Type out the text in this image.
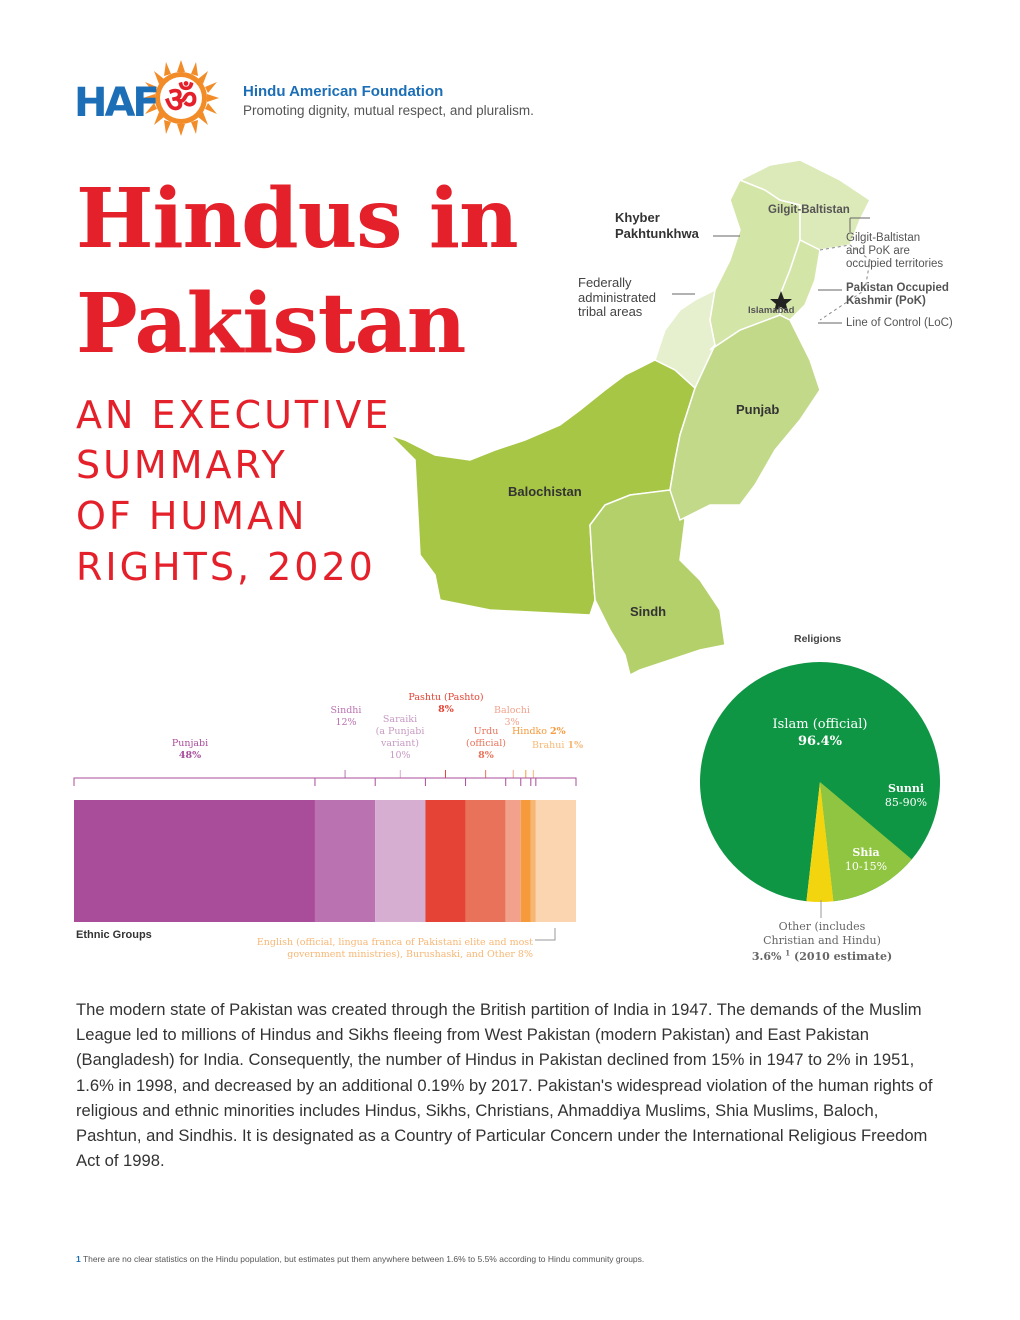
ॐ
HAF	Hindu American Foundation
Promoting dignity, mutual respect, and pluralism.
Hindus in
Pakistan
AN EXECUTIVE
SUMMARY
OF HUMAN
RIGHTS, 2020
Khyber
Pakhtunkhwa
Gilgit-Baltistan
Gilgit-Baltistan
and PoK are
occupied territories
Federally
administrated
tribal areas
Pakistan Occupied
Kashmir (PoK)
Islamabad
Line of Control (LoC)
Punjab
Balochistan
Sindh
Punjabi
48%
Sindhi
12%	Saraiki
(a Punjabi
variant)
10%
Pashtu (Pashto)
8%	Balochi
3%
Urdu
(official)
8%
Hindko 2%
Brahui 1%
Ethnic Groups
English (official, lingua franca of Pakistani elite and most
government ministries), Burushaski, and Other 8%
Religions
Islam (official)
96.4%
Sunni
85-90%
Shia
10-15%
Other (includes
Christian and Hindu)
3.6% $^1$ (2010 estimate)
The modern state of Pakistan was created through the British partition of India in 1947. The demands of the Muslim League led to millions of Hindus and Sikhs fleeing from West Pakistan (modern Pakistan) and East Pakistan (Bangladesh) for India. Consequently, the number of Hindus in Pakistan declined from 15% in 1947 to 2% in 1951, 1.6% in 1998, and decreased by an additional 0.19% by 2017. Pakistan's widespread violation of the human rights of religious and ethnic minorities includes Hindus, Sikhs, Christians, Ahmaddiya Muslims, Shia Muslims, Baloch, Pashtun, and Sindhis. It is designated as a Country of Particular Concern under the International Religious Freedom Act of 1998.
1 There are no clear statistics on the Hindu population, but estimates put them anywhere between 1.6% to 5.5% according to Hindu community groups.
